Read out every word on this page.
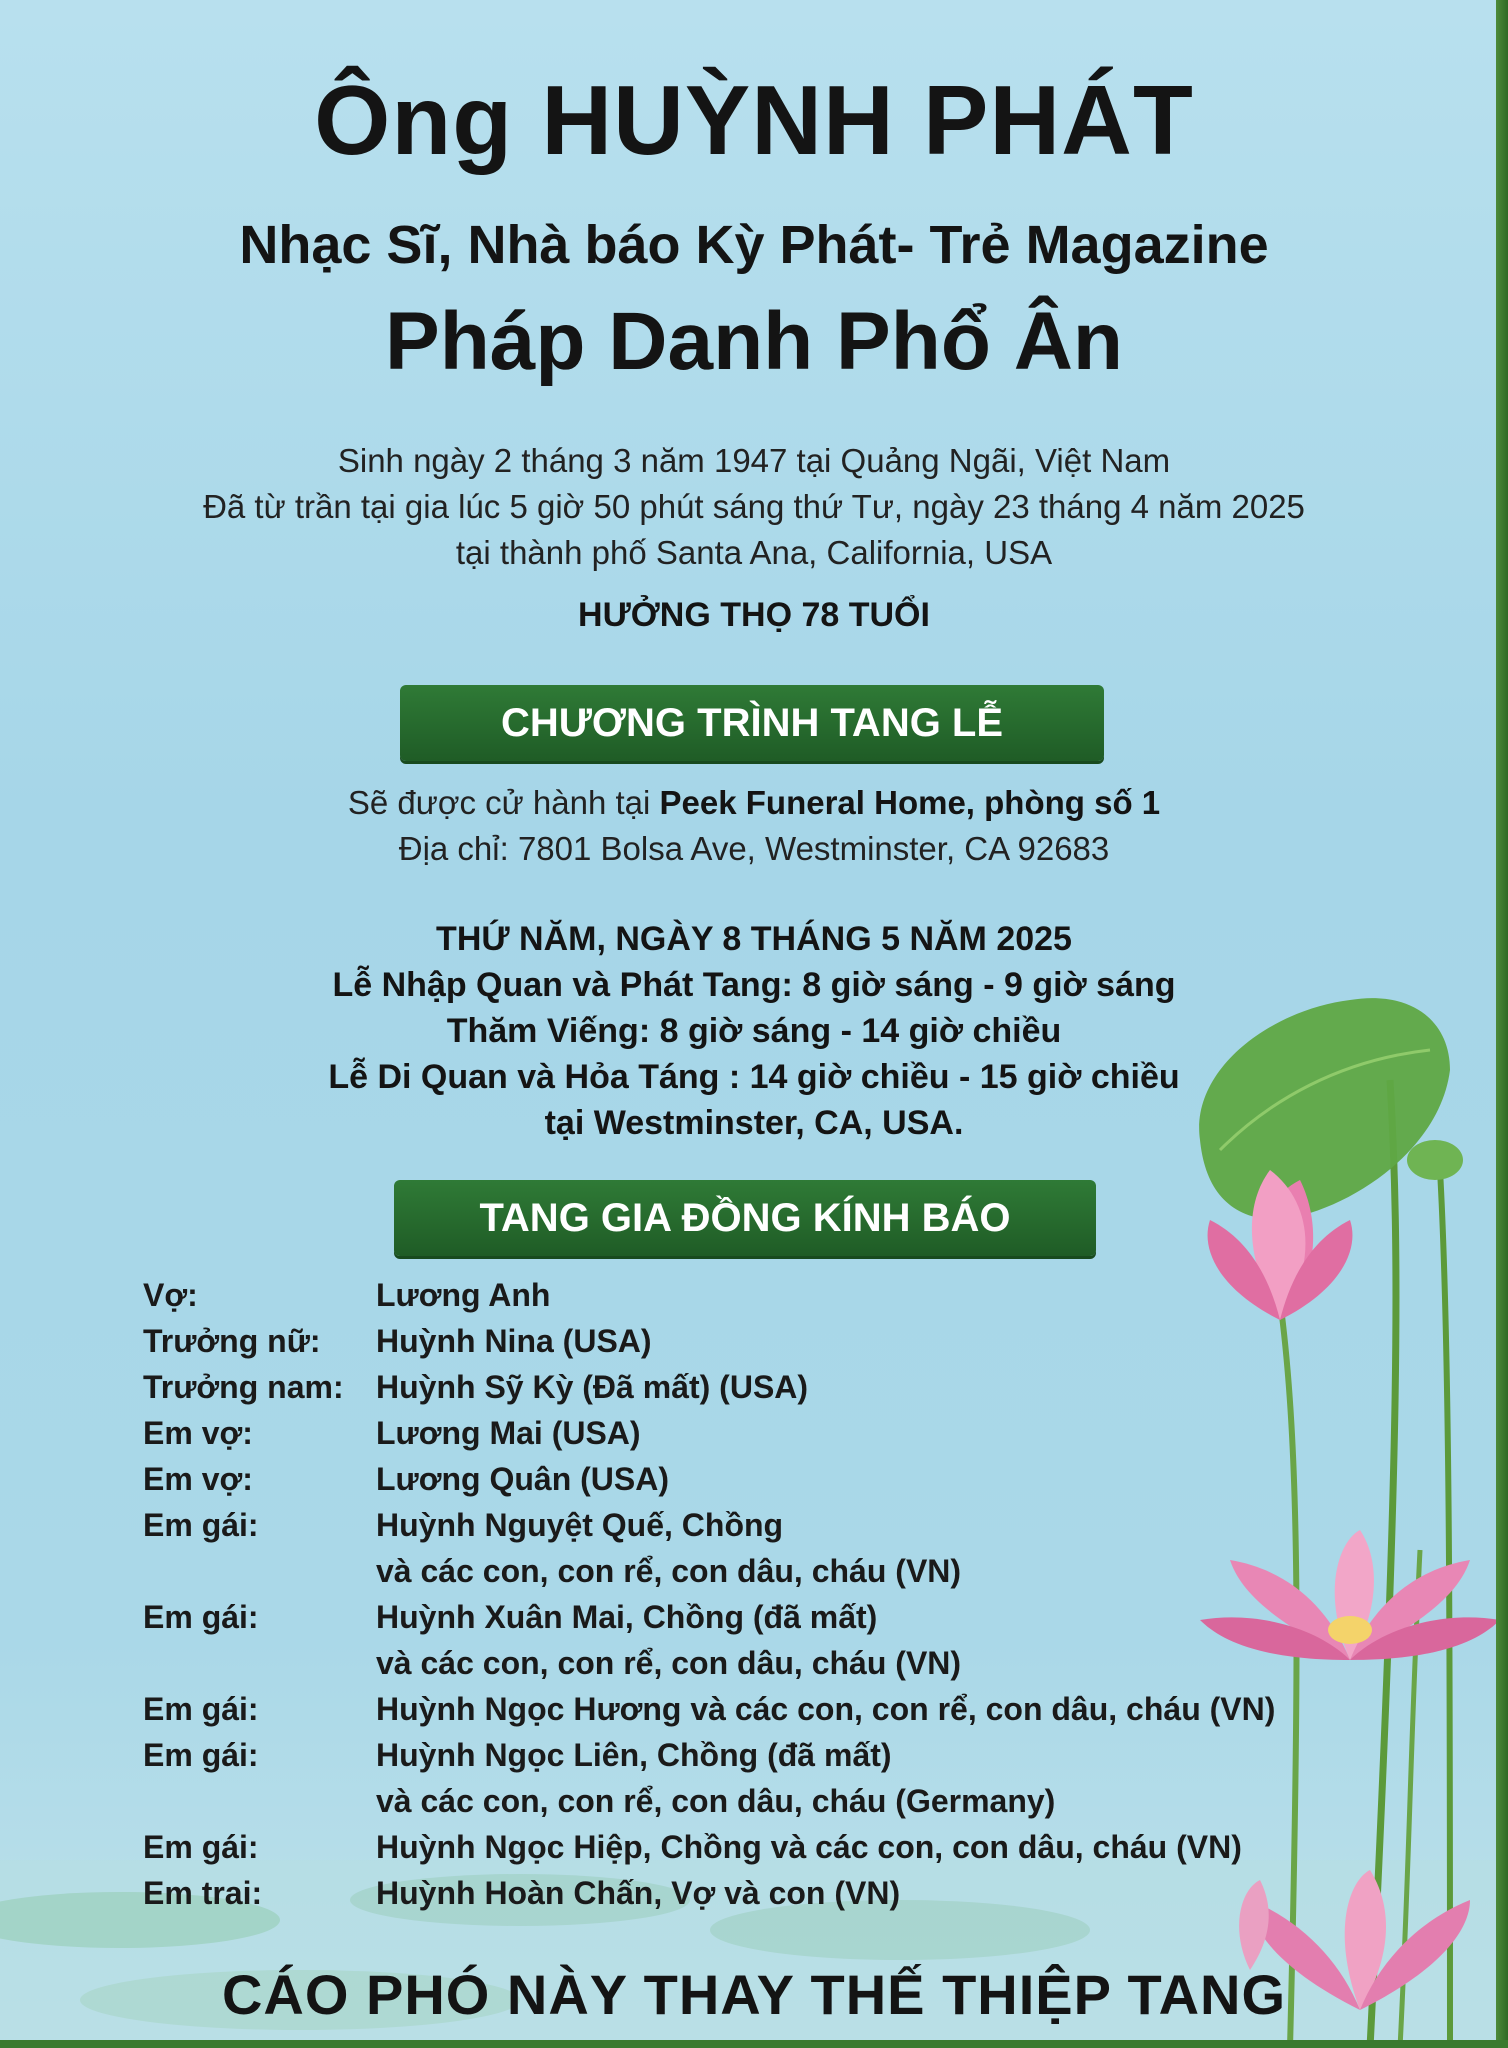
Ông HUỲNH PHÁT
Nhạc Sĩ, Nhà báo Kỳ Phát- Trẻ Magazine
Pháp Danh Phổ Ân
Sinh ngày 2 tháng 3 năm 1947 tại Quảng Ngãi, Việt Nam
Đã từ trần tại gia lúc 5 giờ 50 phút sáng thứ Tư, ngày 23 tháng 4 năm 2025
tại thành phố Santa Ana, California, USA
HƯỞNG THỌ 78 TUỔI
CHƯƠNG TRÌNH TANG LỄ
Sẽ được cử hành tại Peek Funeral Home, phòng số 1
Địa chỉ: 7801 Bolsa Ave, Westminster, CA 92683
THỨ NĂM, NGÀY 8 THÁNG 5 NĂM 2025
Lễ Nhập Quan và Phát Tang: 8 giờ sáng - 9 giờ sáng
Thăm Viếng: 8 giờ sáng - 14 giờ chiều
Lễ Di Quan và Hỏa Táng : 14 giờ chiều - 15 giờ chiều
tại Westminster, CA, USA.
TANG GIA ĐỒNG KÍNH BÁO
Vợ:	Lương Anh
Trưởng nữ:	Huỳnh Nina (USA)
Trưởng nam:	Huỳnh Sỹ Kỳ (Đã mất) (USA)
Em vợ:	Lương Mai (USA)
Em vợ:	Lương Quân (USA)
Em gái:	Huỳnh Nguyệt Quế, Chồng
và các con, con rể, con dâu, cháu (VN)
Em gái:	Huỳnh Xuân Mai, Chồng (đã mất)
và các con, con rể, con dâu, cháu (VN)
Em gái:	Huỳnh Ngọc Hương và các con, con rể, con dâu, cháu (VN)
Em gái:	Huỳnh Ngọc Liên, Chồng (đã mất)
và các con, con rể, con dâu, cháu (Germany)
Em gái:	Huỳnh Ngọc Hiệp, Chồng và các con, con dâu, cháu (VN)
Em trai:	Huỳnh Hoàn Chấn, Vợ và con (VN)
CÁO PHÓ NÀY THAY THẾ THIỆP TANG
